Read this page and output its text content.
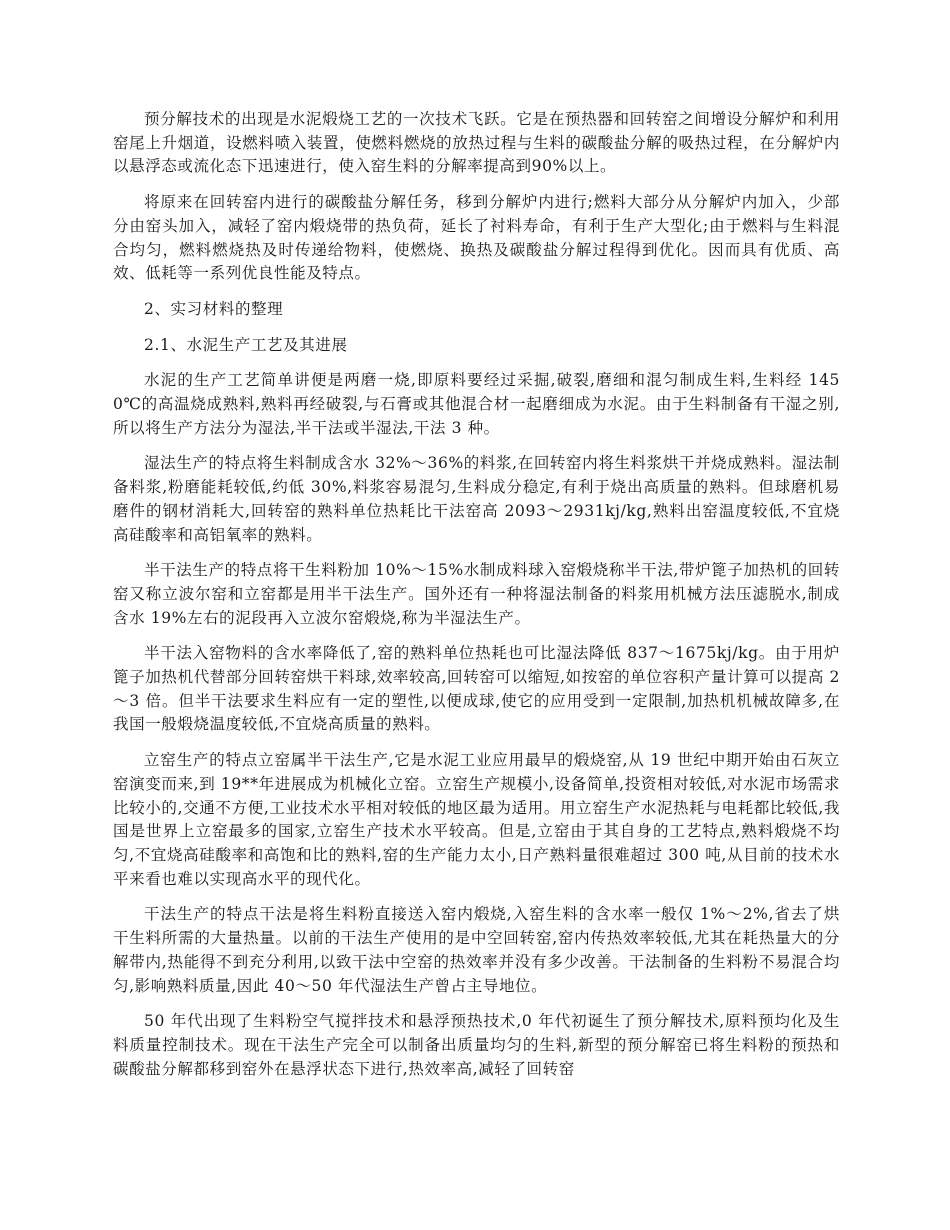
预分解技术的出现是水泥煅烧工艺的一次技术飞跃。它是在预热器和回转窑之间增设分解炉和利用窑尾上升烟道，设燃料喷入装置，使燃料燃烧的放热过程与生料的碳酸盐分解的吸热过程，在分解炉内以悬浮态或流化态下迅速进行，使入窑生料的分解率提高到90%以上。

将原来在回转窑内进行的碳酸盐分解任务，移到分解炉内进行;燃料大部分从分解炉内加入，少部分由窑头加入，减轻了窑内煅烧带的热负荷，延长了衬料寿命，有利于生产大型化;由于燃料与生料混合均匀，燃料燃烧热及时传递给物料，使燃烧、换热及碳酸盐分解过程得到优化。因而具有优质、高效、低耗等一系列优良性能及特点。

2、实习材料的整理

2.1、水泥生产工艺及其进展

水泥的生产工艺简单讲便是两磨一烧,即原料要经过采掘,破裂,磨细和混匀制成生料,生料经 1450℃的高温烧成熟料,熟料再经破裂,与石膏或其他混合材一起磨细成为水泥。由于生料制备有干湿之别,所以将生产方法分为湿法,半干法或半湿法,干法 3 种。

湿法生产的特点将生料制成含水 32%～36%的料浆,在回转窑内将生料浆烘干并烧成熟料。湿法制备料浆,粉磨能耗较低,约低 30%,料浆容易混匀,生料成分稳定,有利于烧出高质量的熟料。但球磨机易磨件的钢材消耗大,回转窑的熟料单位热耗比干法窑高 2093～2931kj/kg,熟料出窑温度较低,不宜烧高硅酸率和高铝氧率的熟料。

半干法生产的特点将干生料粉加 10%～15%水制成料球入窑煅烧称半干法,带炉篦子加热机的回转窑又称立波尔窑和立窑都是用半干法生产。国外还有一种将湿法制备的料浆用机械方法压滤脱水,制成含水 19%左右的泥段再入立波尔窑煅烧,称为半湿法生产。

半干法入窑物料的含水率降低了,窑的熟料单位热耗也可比湿法降低 837～1675kj/kg。由于用炉篦子加热机代替部分回转窑烘干料球,效率较高,回转窑可以缩短,如按窑的单位容积产量计算可以提高 2～3 倍。但半干法要求生料应有一定的塑性,以便成球,使它的应用受到一定限制,加热机机械故障多,在我国一般煅烧温度较低,不宜烧高质量的熟料。

立窑生产的特点立窑属半干法生产,它是水泥工业应用最早的煅烧窑,从 19 世纪中期开始由石灰立窑演变而来,到 19**年进展成为机械化立窑。立窑生产规模小,设备简单,投资相对较低,对水泥市场需求比较小的,交通不方便,工业技术水平相对较低的地区最为适用。用立窑生产水泥热耗与电耗都比较低,我国是世界上立窑最多的国家,立窑生产技术水平较高。但是,立窑由于其自身的工艺特点,熟料煅烧不均匀,不宜烧高硅酸率和高饱和比的熟料,窑的生产能力太小,日产熟料量很难超过 300 吨,从目前的技术水平来看也难以实现高水平的现代化。

干法生产的特点干法是将生料粉直接送入窑内煅烧,入窑生料的含水率一般仅 1%～2%,省去了烘干生料所需的大量热量。以前的干法生产使用的是中空回转窑,窑内传热效率较低,尤其在耗热量大的分解带内,热能得不到充分利用,以致干法中空窑的热效率并没有多少改善。干法制备的生料粉不易混合均匀,影响熟料质量,因此 40～50 年代湿法生产曾占主导地位。

50 年代出现了生料粉空气搅拌技术和悬浮预热技术,0 年代初诞生了预分解技术,原料预均化及生料质量控制技术。现在干法生产完全可以制备出质量均匀的生料,新型的预分解窑已将生料粉的预热和碳酸盐分解都移到窑外在悬浮状态下进行,热效率高,减轻了回转窑
